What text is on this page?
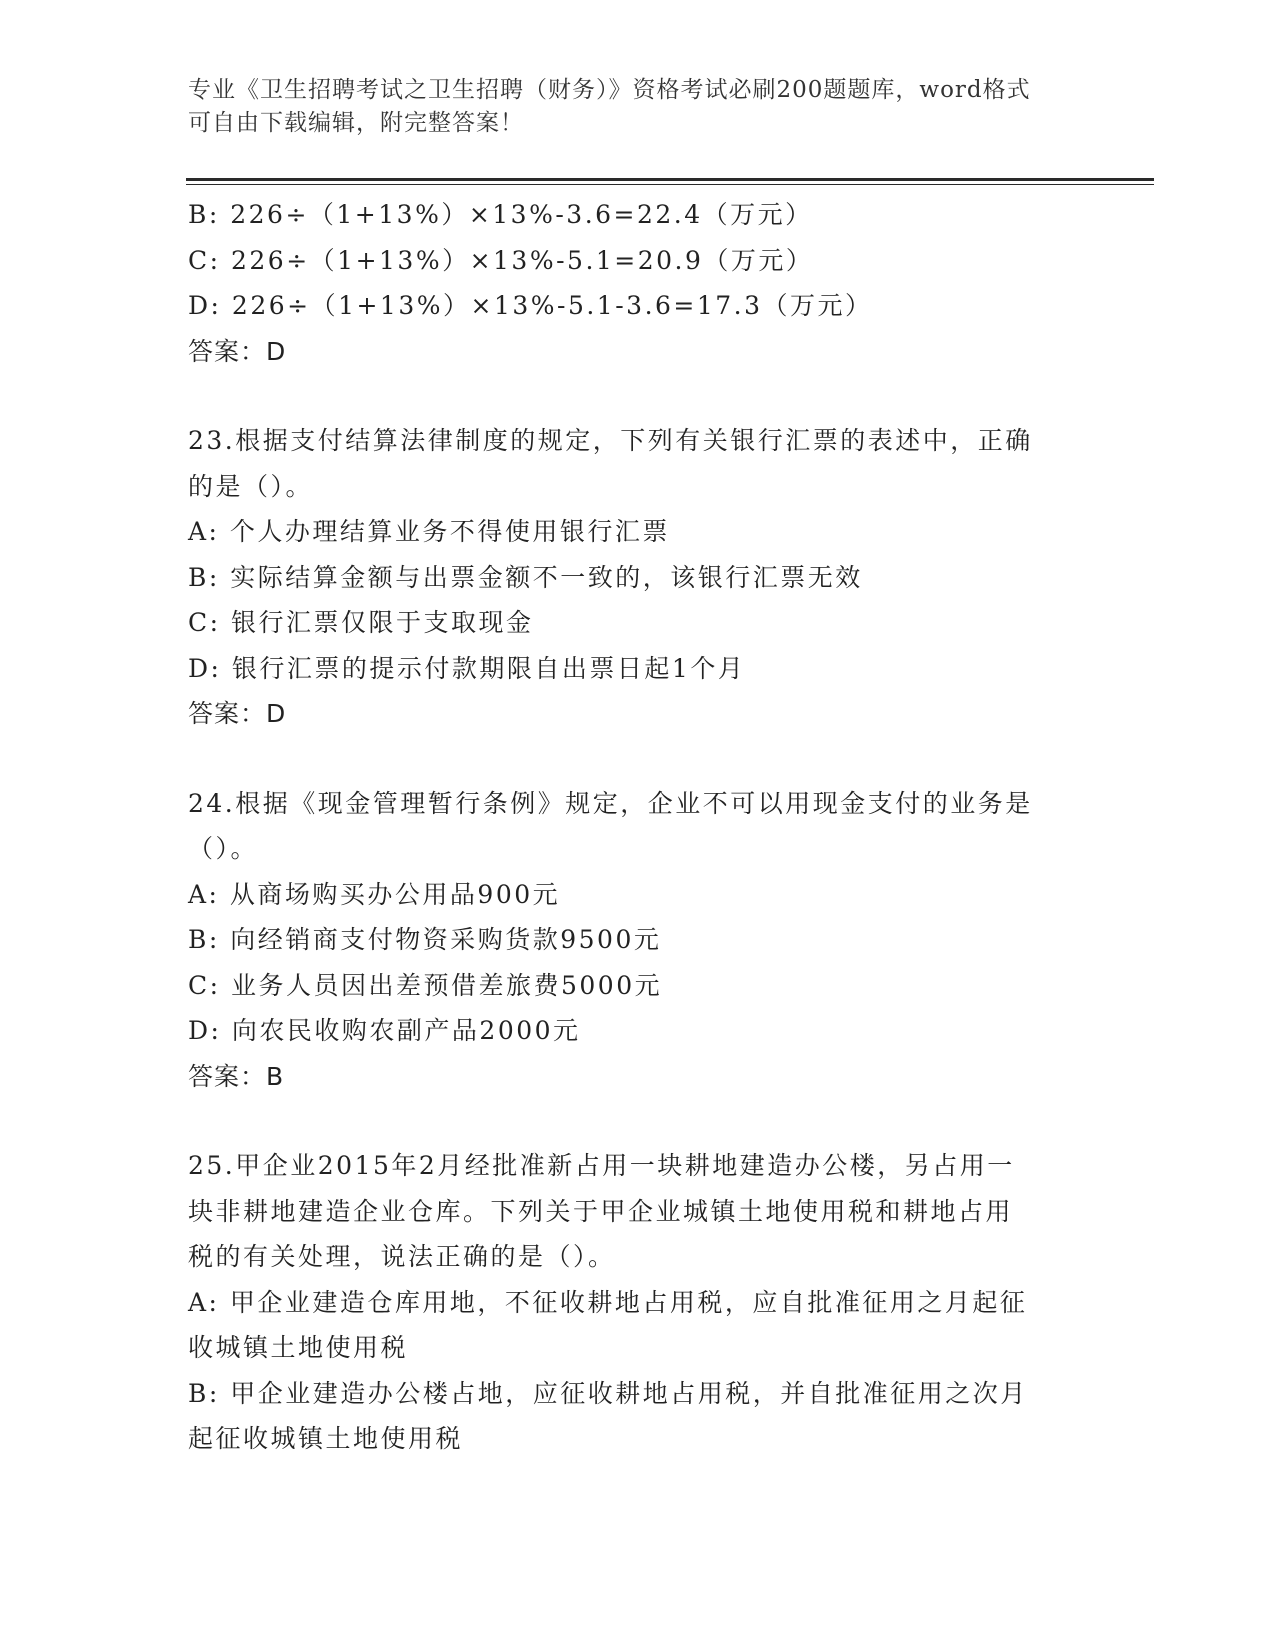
专业《卫生招聘考试之卫生招聘（财务）》资格考试必刷200题题库，word格式
可自由下载编辑，附完整答案！
B: 226÷（1+13%）×13%-3.6=22.4（万元）
C: 226÷（1+13%）×13%-5.1=20.9（万元）
D: 226÷（1+13%）×13%-5.1-3.6=17.3（万元）
答案：D
23.根据支付结算法律制度的规定，下列有关银行汇票的表述中，正确
的是（）。
A: 个人办理结算业务不得使用银行汇票
B: 实际结算金额与出票金额不一致的，该银行汇票无效
C: 银行汇票仅限于支取现金
D: 银行汇票的提示付款期限自出票日起1个月
答案：D
24.根据《现金管理暂行条例》规定，企业不可以用现金支付的业务是
（）。
A: 从商场购买办公用品900元
B: 向经销商支付物资采购货款9500元
C: 业务人员因出差预借差旅费5000元
D: 向农民收购农副产品2000元
答案：B
25.甲企业2015年2月经批准新占用一块耕地建造办公楼，另占用一
块非耕地建造企业仓库。下列关于甲企业城镇土地使用税和耕地占用
税的有关处理，说法正确的是（）。
A: 甲企业建造仓库用地，不征收耕地占用税，应自批准征用之月起征
收城镇土地使用税
B: 甲企业建造办公楼占地，应征收耕地占用税，并自批准征用之次月
起征收城镇土地使用税
